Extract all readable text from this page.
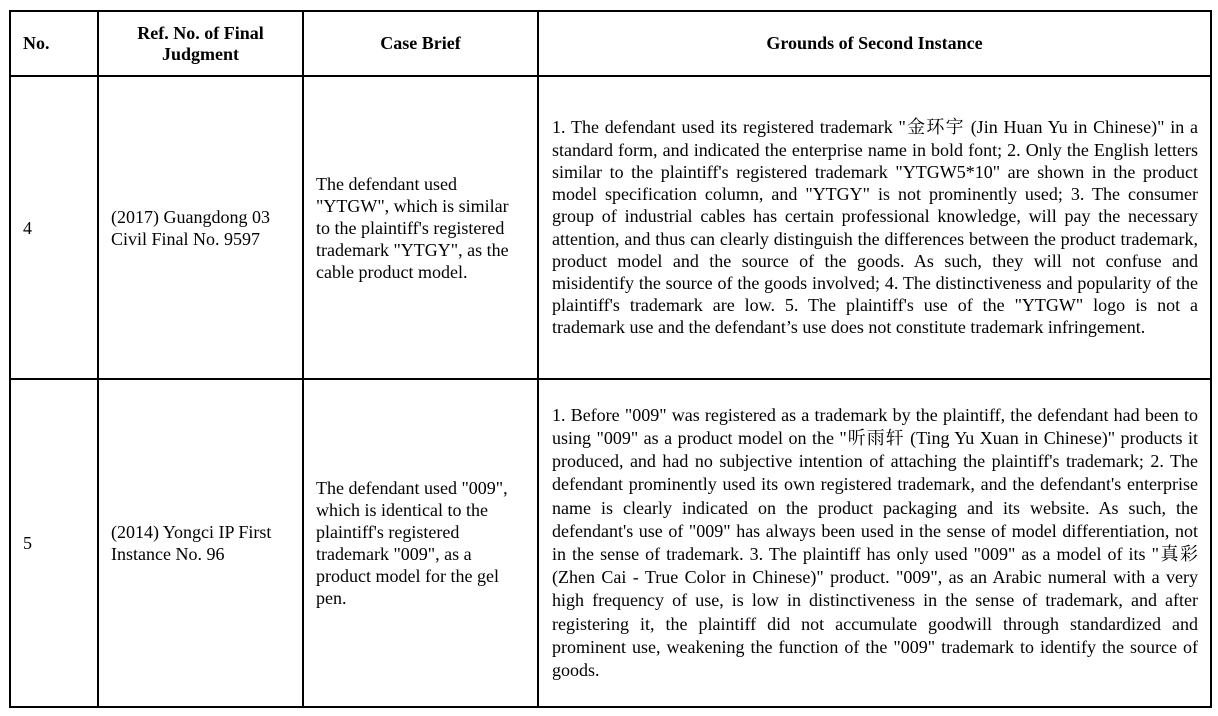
No.	Ref. No. of Final Judgment	Case Brief	Grounds of Second Instance
4	(2017) Guangdong 03 Civil Final No. 9597	The defendant used "YTGW", which is similar to the plaintiff's registered trademark "YTGY", as the cable product model.	1. The defendant used its registered trademark "金环宇 (Jin Huan Yu in Chinese)" in a standard form, and indicated the enterprise name in bold font; 2. Only the English letters similar to the plaintiff's registered trademark "YTGW5*10" are shown in the product model specification column, and "YTGY" is not prominently used; 3. The consumer group of industrial cables has certain professional knowledge, will pay the necessary attention, and thus can clearly distinguish the differences between the product trademark, product model and the source of the goods. As such, they will not confuse and misidentify the source of the goods involved; 4. The distinctiveness and popularity of the plaintiff's trademark are low. 5. The plaintiff's use of the "YTGW" logo is not a trademark use and the defendant’s use does not constitute trademark infringement.
5	(2014) Yongci IP First Instance No. 96	The defendant used "009", which is identical to the plaintiff's registered trademark "009", as a product model for the gel pen.	1. Before "009" was registered as a trademark by the plaintiff, the defendant had been to using "009" as a product model on the "听雨轩 (Ting Yu Xuan in Chinese)" products it produced, and had no subjective intention of attaching the plaintiff's trademark; 2. The defendant prominently used its own registered trademark, and the defendant's enterprise name is clearly indicated on the product packaging and its website. As such, the defendant's use of "009" has always been used in the sense of model differentiation, not in the sense of trademark. 3. The plaintiff has only used "009" as a model of its "真彩 (Zhen Cai - True Color in Chinese)" product. "009", as an Arabic numeral with a very high frequency of use, is low in distinctiveness in the sense of trademark, and after registering it, the plaintiff did not accumulate goodwill through standardized and prominent use, weakening the function of the "009" trademark to identify the source of goods.
